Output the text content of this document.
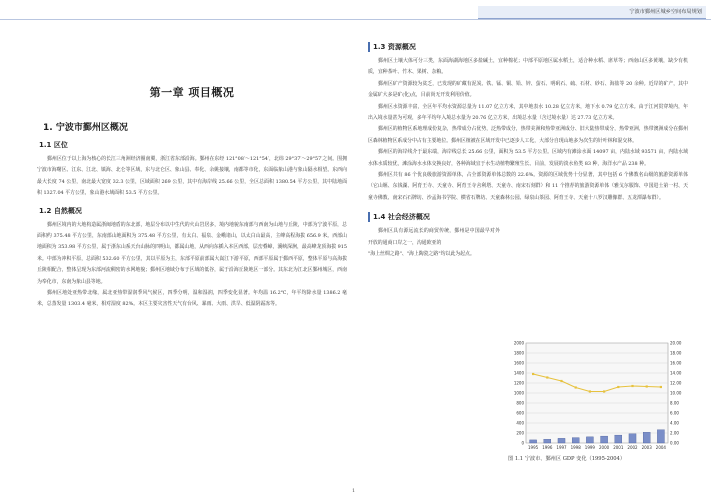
宁波市鄞州区城乡空间布局规划
第一章 项目概况
1. 宁波市鄞州区概况
1.1 区位

鄞州区位于以上海为核心的长江三角洲经济圈南翼，浙江省东部沿海。鄞州在东经 121°08′～121°54′，北纬 29°37′～29°57′之间。围拥宁波市海曙区、江东、江北、镇海、北仑等区域，东与北仑区、象山县、奉化、余姚接壤，南都等市化，东面临象山港与象山隔水相望。东西向最大长度 74 公里，南北最大宽度 32.3 公里，区域面积 269 公里，其中有海岸线 25.66 公里，全区总面积 1380.54 平方公里，其中陆地面积 1327.04 平方公里，象山港水域面积 53.5 平方公里。

1.2 自然概况

鄞州区境内的大地构造属浙闽地盾的东北部，地层分布以中生代的火山岩居多，境内地貌东南部与西南为山地与丘陵，中部为宁波平原，总面积约 375.48 平方公里，东南部山地面积为 375.48 平方公里，有太白、福泉、金峨诸山，以太白山最高，主峰高程海拔 656.9 米。西部山地面积为 353.98 平方公里，属于浙东山系天台山脉的四明山，都属山地，从西向东插入本区西部，层峦叠嶂，溪峡深涧，最高峰龙顶海拔 915 米。中部为冲积平原，总面积 532.60 平方公里，其以平原为主，东部平原前部属大嵩江下游平原，西部平原属于鄞西平原，整体平原与高海拔丘陵相配合，整体呈现为东部河流稠密的水网地貌；鄞州区地域分布于区域的低谷，属于沿海丘陵地区一部分。其东北为江北区鄞州城区，西南为奉化市，东南为象山县等地。

鄞州区地处亚热带北缘，属北亚热带湿润季风气候区，四季分明，温和湿润，四季变化显著。年均温 16.2℃，年平均降水量 1386.2 毫米，总蒸发量 1303.4 毫米，相对湿度 82%。本区主要灾害性天气有台风、暴雨、大雨、洪旱、低温阴霜冻等。

1.3 资源概况

鄞州区土壤大体可分三类，东面海湖海地区多盐碱土，宜种棉花；中部平原地区属水稻土，适合种水稻、席草等；西南山区多黄壤，缺少有机质，宜种茶叶、竹木、果树、杂粮。

鄞州区矿产资源较为贫乏，已发现的矿藏有泥炭、铁、锰、铜、铅、锌、萤石、明矾石、硫、石材、砂石、海盐等 20 余种。近岸的矿产，其中金属矿大多是矿(化)点，目前尚无开发利用价值。

鄞州区水资源丰富，全区年平均水资源总量为 11.07 亿立方米，其中地表水 10.28 亿立方米，地下水 0.79 亿立方米。由于江河贯穿境内，年出入境水量甚为可观，多年平均年入境总水量为 20.76 亿立方米，出境总水量（含过境水量）达 27.73 亿立方米。

鄞州区的植物区系地理成份复杂，热带成分占优势，泛热带成分，热带美洲和热带亚洲成分、旧大陆热带成分，热带亚洲，热带澳洲成分在鄞州区森林植物区系成分中占有主要地位。鄞州区植被在区域开发中已逐步人工化，大部分自现山地多为次生的针叶林和混交林。

鄞州区的海岸线介于最东端，海岸线总长 25.66 公里，面积为 53.5 平方公里。区域内有滩涂水面 14097 亩，内陆水域 93571 亩，内陆水域水体水质较优，滩涂海水水体交换良好，各种海域宜于水生动植物繁殖生长、目前，发展的淡水鱼类 83 种，海洋水产品 238 种。

鄞州区共有 86 个优良级旅游资源单体，占全部资源单体总数的 22.6%。资源的区域优势十分显著，其中包括 6 个佛教名山级的旅游资源单体（它山堰、东钱湖、阿育王寺、天童寺、阿育王寺舍利塔、天童寺、南宋石刻群）和 11 个推荐的旅游资源单体（雅戈尔服饰、中国进士第一村、天童寺佛教、南宋石石牌坊、沙孟海书学院、横省石牌坊、天童森林公园、绿泉山茶园、阿育王寺、天童十八罗汉雕像群、五龙潭瀑布群）。

1.4 社会经济概况

鄞州区具有源远流长的商贸传统，鄞州是中国最早对外开放的通商口岸之一，沟通欧亚的

"海上丝绸之路"、"海上陶瓷之路"均以此为起点。

0
200
400
600
800
1000
1200
1400
1600
1800
2000
0.00
2.00
4.00
6.00
8.00
10.00
12.00
14.00
16.00
18.00
20.00
1995 1996 1997 1998 1999 2000 2001 2002 2003 2004
图 1.1 宁波市、鄞州区 GDP 变化（1995-2004）
1
